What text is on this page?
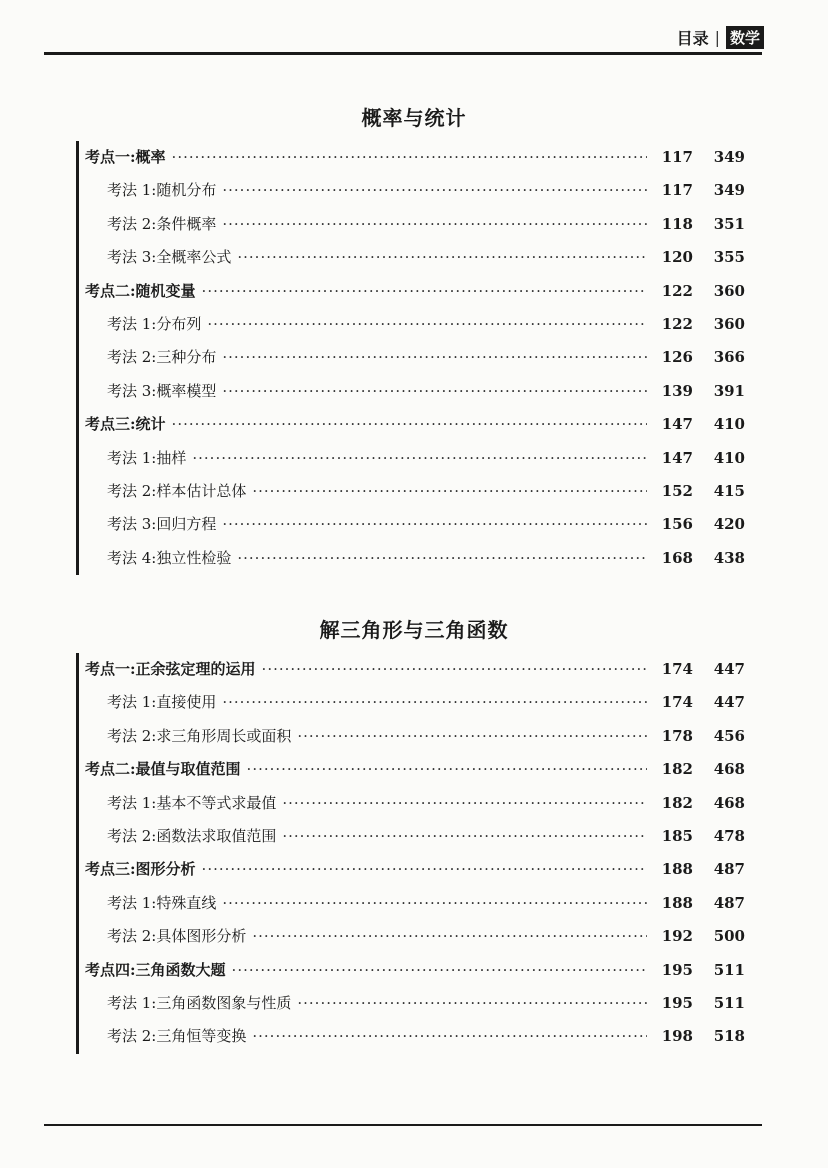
目录 | 数学
概率与统计
考点一:概率 ·····	117	349
考法 1:随机分布 ·····	117	349
考法 2:条件概率 ·····	118	351
考法 3:全概率公式 ·····	120	355
考点二:随机变量 ·····	122	360
考法 1:分布列 ·····	122	360
考法 2:三种分布 ·····	126	366
考法 3:概率模型 ·····	139	391
考点三:统计 ·····	147	410
考法 1:抽样 ·····	147	410
考法 2:样本估计总体 ·····	152	415
考法 3:回归方程 ·····	156	420
考法 4:独立性检验 ·····	168	438
解三角形与三角函数
考点一:正余弦定理的运用 ·····	174	447
考法 1:直接使用 ·····	174	447
考法 2:求三角形周长或面积 ·····	178	456
考点二:最值与取值范围 ·····	182	468
考法 1:基本不等式求最值 ·····	182	468
考法 2:函数法求取值范围 ·····	185	478
考点三:图形分析 ·····	188	487
考法 1:特殊直线 ·····	188	487
考法 2:具体图形分析 ·····	192	500
考点四:三角函数大题 ·····	195	511
考法 1:三角函数图象与性质 ·····	195	511
考法 2:三角恒等变换 ·····	198	518
